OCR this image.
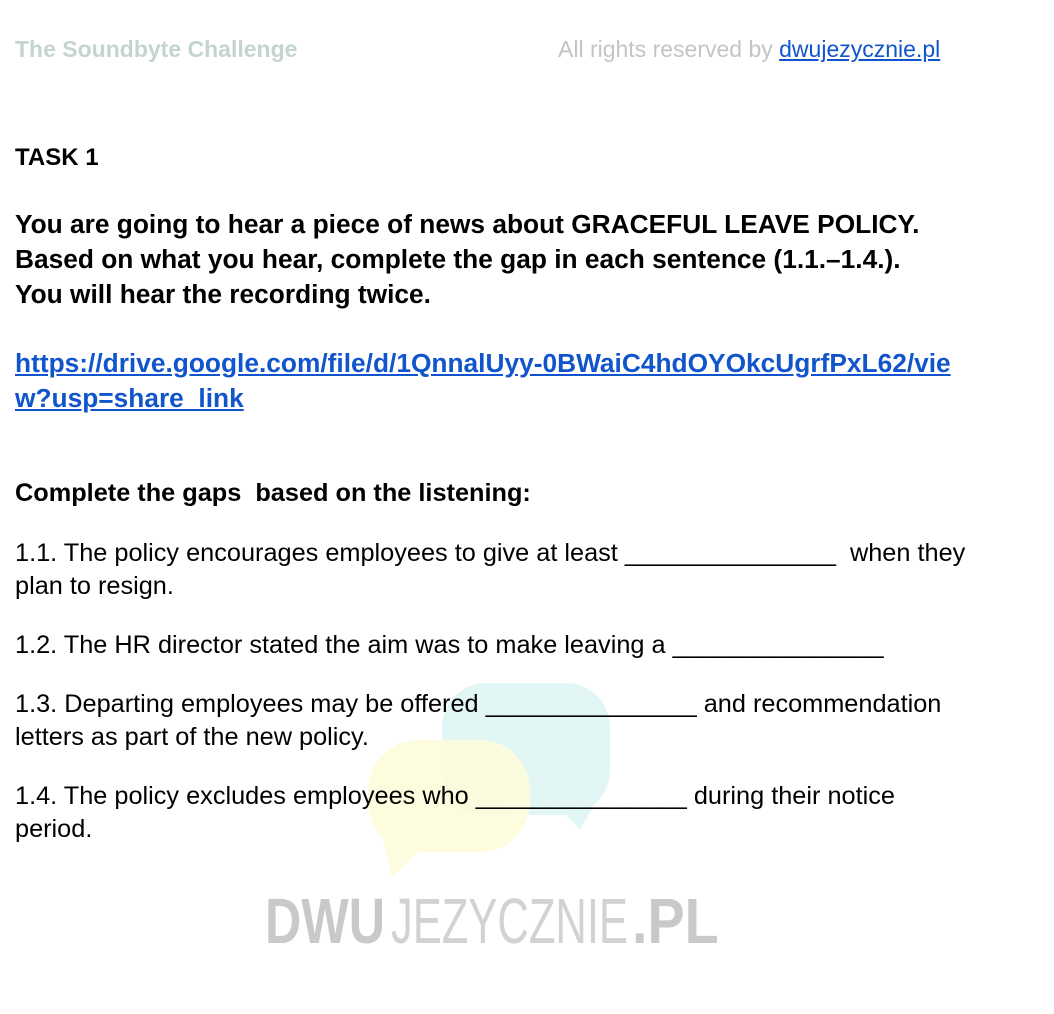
The Soundbyte Challenge	All rights reserved by dwujezycznie.pl
TASK 1
You are going to hear a piece of news about GRACEFUL LEAVE POLICY.
Based on what you hear, complete the gap in each sentence (1.1.–1.4.).
You will hear the recording twice.
https://drive.google.com/file/d/1QnnalUyy-0BWaiC4hdOYOkcUgrfPxL62/vie
w?usp=share_link
Complete the gaps  based on the listening:

1.1. The policy encourages employees to give at least _______________ when they plan to resign.

1.2. The HR director stated the aim was to make leaving a _______________

1.3. Departing employees may be offered _______________ and recommendation letters as part of the new policy.

1.4. The policy excludes employees who _______________ during their notice period.

DWU JEZYCZNIE .PL
